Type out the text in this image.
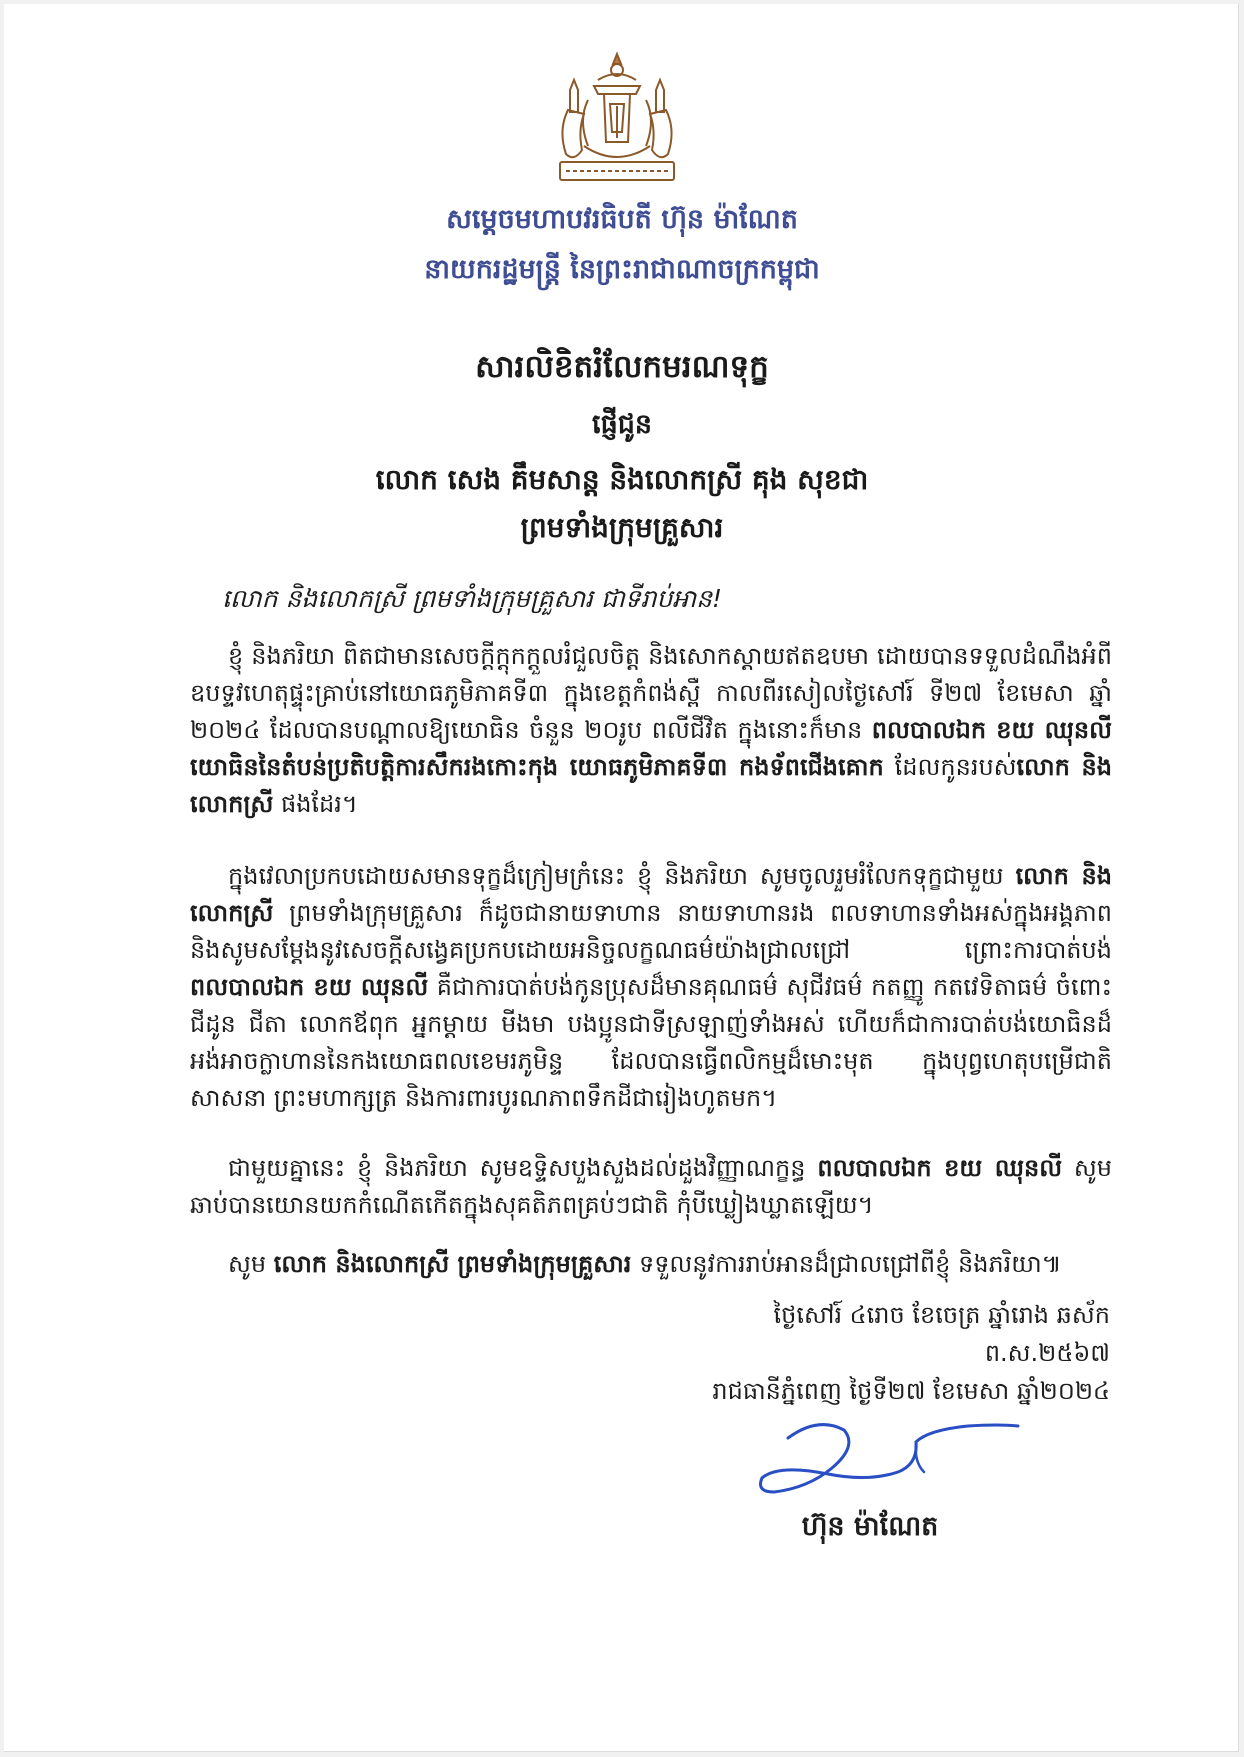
សម្តេចមហាបវរធិបតី ហ៊ុន ម៉ាណែត
នាយករដ្ឋមន្ត្រី នៃព្រះរាជាណាចក្រកម្ពុជា
សារលិខិតរំលែកមរណទុក្ខ
ផ្ញើជូន
លោក សេង គឹមសាន្ត និងលោកស្រី គុង សុខជា
ព្រមទាំងក្រុមគ្រួសារ
លោក និងលោកស្រី ព្រមទាំងក្រុមគ្រួសារ ជាទីរាប់អាន!

ខ្ញុំ និងភរិយា ពិតជាមានសេចក្តីក្តុកក្តួលរំជួលចិត្ត និងសោកស្តាយឥតឧបមា ដោយបានទទួលដំណឹងអំពីឧបទ្ទវហេតុផ្ទុះគ្រាប់នៅយោធភូមិភាគទី៣ ក្នុងខេត្តកំពង់ស្ពឺ កាលពីរសៀលថ្ងៃសៅរ៍ ទី២៧ ខែមេសា ឆ្នាំ ២០២៤ ដែលបានបណ្តាលឱ្យយោធិន ចំនួន ២០រូប ពលីជីវិត ក្នុងនោះក៏មាន ពលបាលឯក ខយ ឈុនលី យោធិននៃតំបន់ប្រតិបត្តិការសឹករងកោះកុង យោធភូមិភាគទី៣ កងទ័ពជើងគោក ដែលកូនរបស់លោក និងលោកស្រី ផងដែរ។

ក្នុងវេលាប្រកបដោយសមានទុក្ខដ៏ក្រៀមក្រំនេះ ខ្ញុំ និងភរិយា សូមចូលរួមរំលែកទុក្ខជាមួយ លោក និងលោកស្រី ព្រមទាំងក្រុមគ្រួសារ ក៏ដូចជានាយទាហាន នាយទាហានរង ពលទាហានទាំងអស់ក្នុងអង្គភាព និងសូមសម្តែងនូវសេចក្តីសង្វេគប្រកបដោយអនិច្ចលក្ខណធម៌យ៉ាងជ្រាលជ្រៅ ព្រោះការបាត់បង់ ពលបាលឯក ខយ ឈុនលី គឺជាការបាត់បង់កូនប្រុសដ៏មានគុណធម៌ សុជីវធម៌ កតញ្ញូ កតវេទិតាធម៌ ចំពោះជីដូន ជីតា លោកឪពុក អ្នកម្តាយ មីងមា បងប្អូនជាទីស្រឡាញ់ទាំងអស់ ហើយក៏ជាការបាត់បង់យោធិនដ៏អង់អាចក្លាហាននៃកងយោធពលខេមរភូមិន្ទ ដែលបានធ្វើពលិកម្មដ៏មោះមុត ក្នុងបុព្វហេតុបម្រើជាតិ សាសនា ព្រះមហាក្សត្រ និងការពារបូរណភាពទឹកដីជារៀងហូតមក។

ជាមួយគ្នានេះ ខ្ញុំ និងភរិយា សូមឧទ្ទិសបួងសួងដល់ដួងវិញ្ញាណក្ខន្ធ ពលបាលឯក ខយ ឈុនលី សូមឆាប់បានយោនយកកំណើតកើតក្នុងសុគតិភពគ្រប់ៗជាតិ កុំបីឃ្លៀងឃ្លាតឡើយ។

សូម លោក និងលោកស្រី ព្រមទាំងក្រុមគ្រួសារ ទទួលនូវការរាប់អានដ៏ជ្រាលជ្រៅពីខ្ញុំ និងភរិយា៕

ថ្ងៃសៅរ៍ ៤រោច ខែចេត្រ ឆ្នាំរោង ឆស័ក ព.ស.២៥៦៧
រាជធានីភ្នំពេញ ថ្ងៃទី២៧ ខែមេសា ឆ្នាំ២០២៤
ហ៊ុន ម៉ាណែត
